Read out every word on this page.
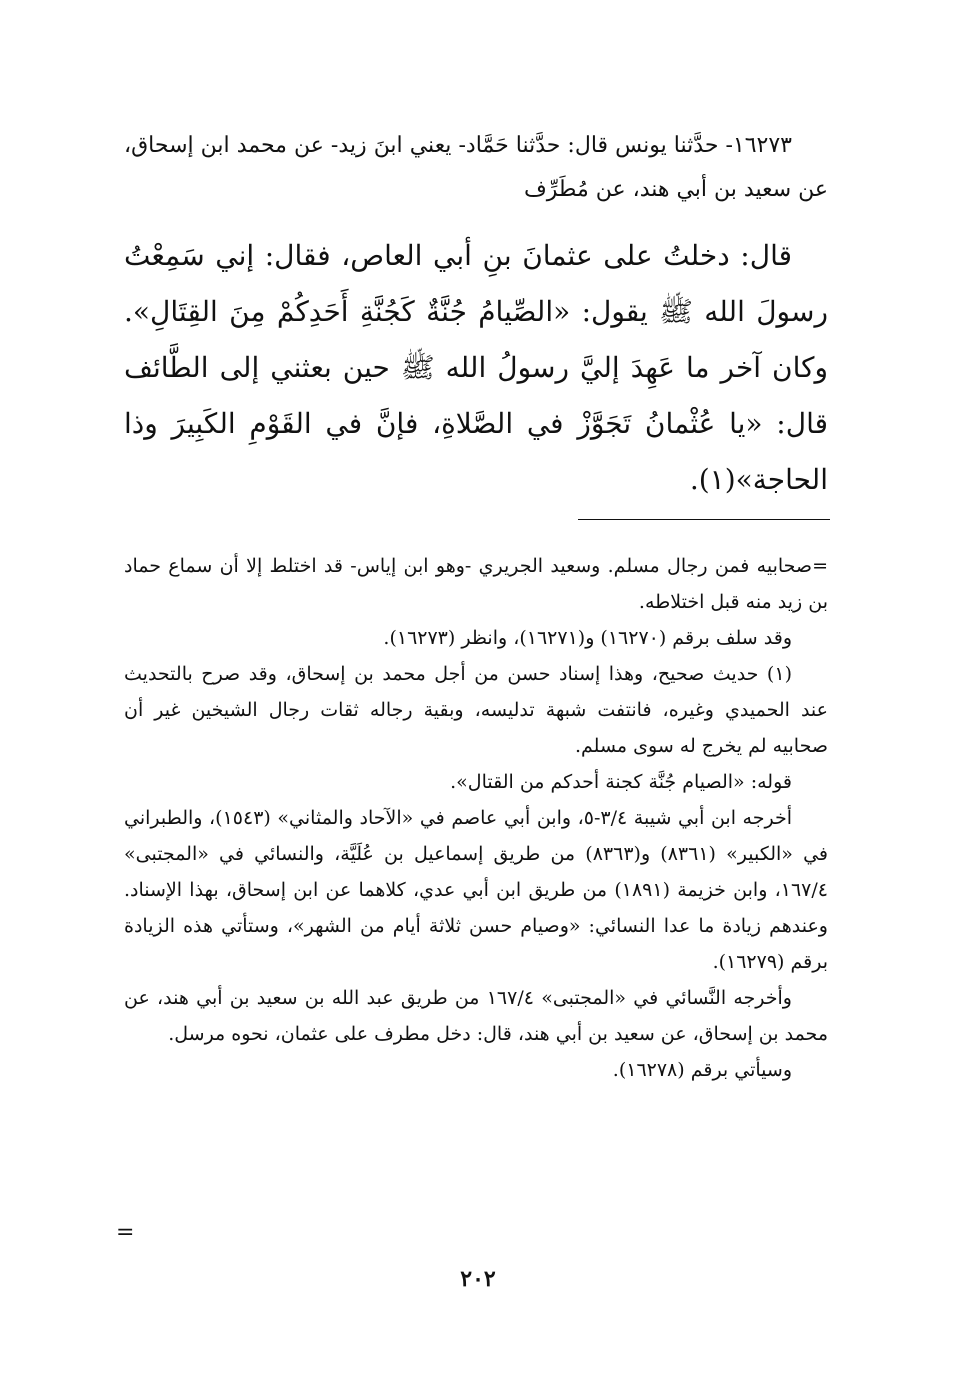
١٦٢٧٣- حدَّثنا يونس قال: حدَّثنا حَمَّاد- يعني ابنَ زيد- عن محمد ابن إسحاق، عن سعيد بن أبي هند، عن مُطَرِّف

قال: دخلتُ على عثمانَ بنِ أبي العاص، فقال: إني سَمِعْتُ رسولَ الله ﷺ يقول: «الصِّيامُ جُنَّةٌ كَجُنَّةِ أَحَدِكُمْ مِنَ القِتَالِ». وكان آخر ما عَهِدَ إليَّ رسولُ الله ﷺ حين بعثني إلى الطَّائف قال: «يا عُثْمانُ تَجَوَّزْ في الصَّلاةِ، فإنَّ في القَوْمِ الكَبِيرَ وذا الحاجة»(١).

=صحابيه فمن رجال مسلم. وسعيد الجريري -وهو ابن إياس- قد اختلط إلا أن سماع حماد بن زيد منه قبل اختلاطه.

وقد سلف برقم (١٦٢٧٠) و(١٦٢٧١)، وانظر (١٦٢٧٣).

(١) حديث صحيح، وهذا إسناد حسن من أجل محمد بن إسحاق، وقد صرح بالتحديث عند الحميدي وغيره، فانتفت شبهة تدليسه، وبقية رجاله ثقات رجال الشيخين غير أن صحابيه لم يخرج له سوى مسلم.

قوله: «الصيام جُنَّة كجنة أحدكم من القتال».

أخرجه ابن أبي شيبة ٣/٤-٥، وابن أبي عاصم في «الآحاد والمثاني» (١٥٤٣)، والطبراني في «الكبير» (٨٣٦١) و(٨٣٦٣) من طريق إسماعيل بن عُلَيَّة، والنسائي في «المجتبى» ١٦٧/٤، وابن خزيمة (١٨٩١) من طريق ابن أبي عدي، كلاهما عن ابن إسحاق، بهذا الإسناد. وعندهم زيادة ما عدا النسائي: «وصيام حسن ثلاثة أيام من الشهر»، وستأتي هذه الزيادة برقم (١٦٢٧٩).

وأخرجه النَّسائي في «المجتبى» ١٦٧/٤ من طريق عبد الله بن سعيد بن أبي هند، عن محمد بن إسحاق، عن سعيد بن أبي هند، قال: دخل مطرف على عثمان، نحوه مرسل.

وسيأتي برقم (١٦٢٧٨).

=
٢٠٢
